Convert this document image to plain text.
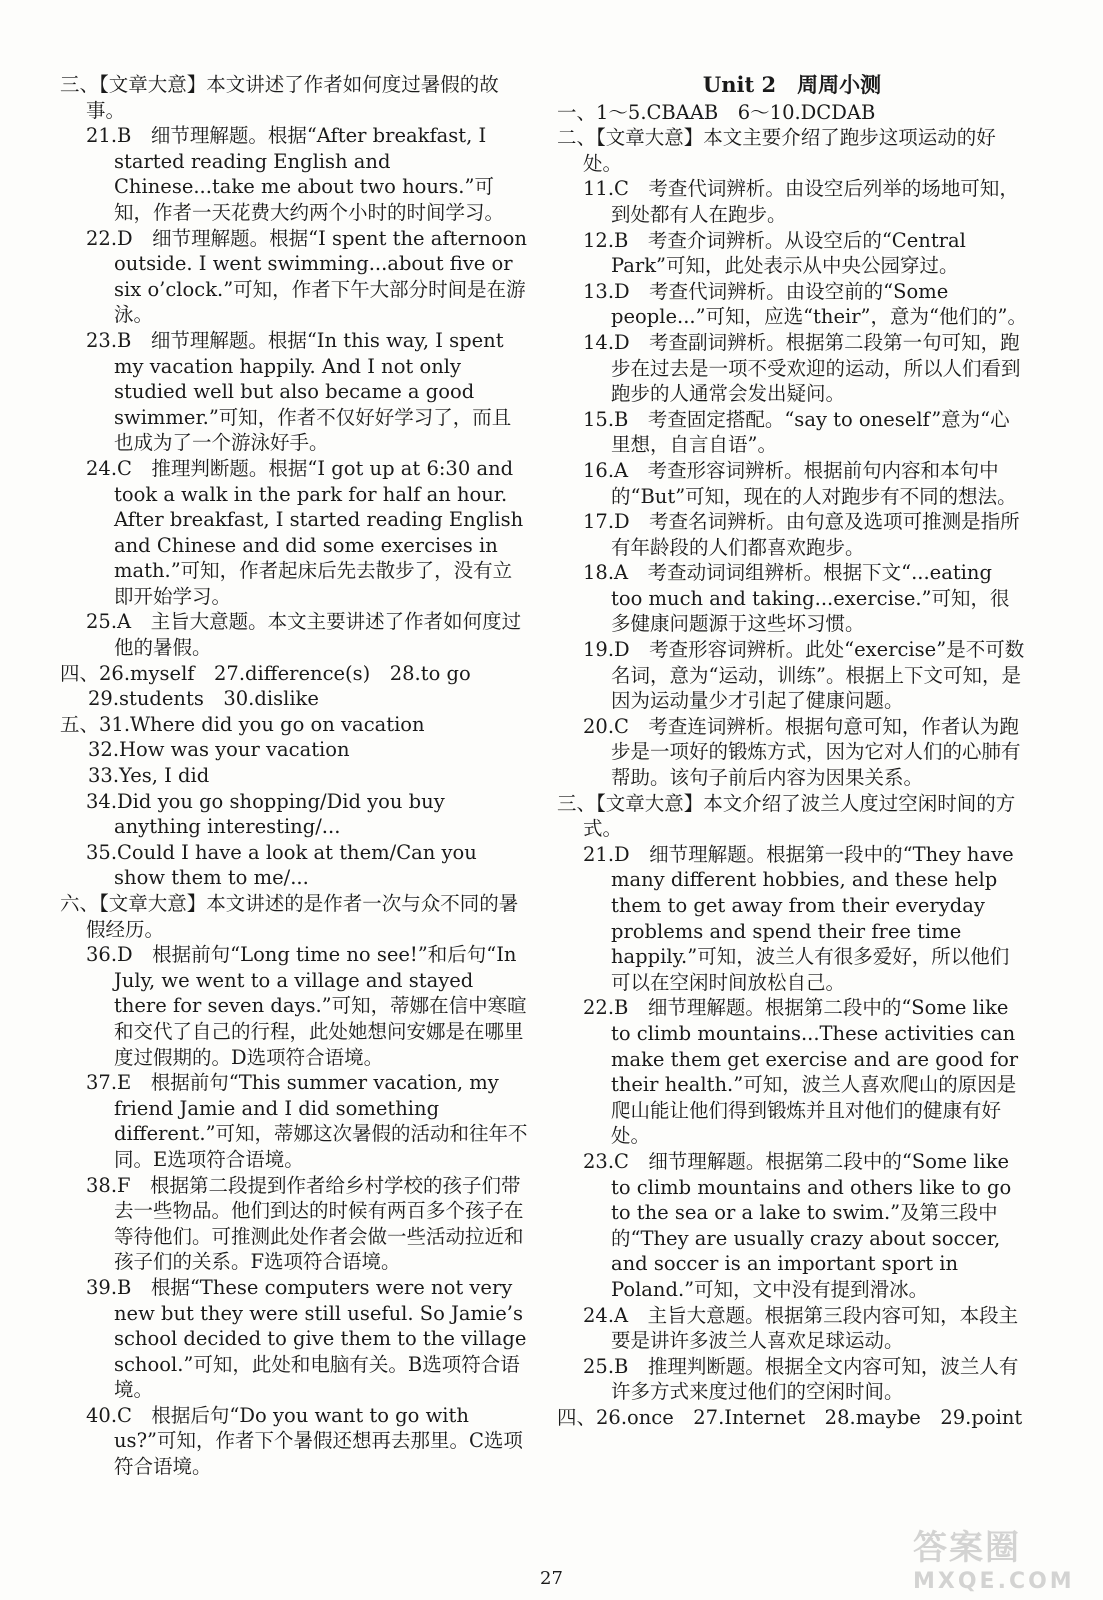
三、【文章大意】本文讲述了作者如何度过暑假的故事。

21.B　细节理解题。根据“After breakfast, I started reading English and Chinese...take me about two hours.”可知，作者一天花费大约两个小时的时间学习。

22.D　细节理解题。根据“I spent the afternoon outside. I went swimming...about five or six o’clock.”可知，作者下午大部分时间是在游泳。

23.B　细节理解题。根据“In this way, I spent my vacation happily. And I not only studied well but also became a good swimmer.”可知，作者不仅好好学习了，而且也成为了一个游泳好手。

24.C　推理判断题。根据“I got up at 6:30 and took a walk in the park for half an hour. After breakfast, I started reading English and Chinese and did some exercises in math.”可知，作者起床后先去散步了，没有立即开始学习。

25.A　主旨大意题。本文主要讲述了作者如何度过他的暑假。

四、26.myself　27.difference(s)　28.to go

29.students　30.dislike

五、31.Where did you go on vacation

32.How was your vacation

33.Yes, I did

34.Did you go shopping/Did you buy anything interesting/...

35.Could I have a look at them/Can you show them to me/...

六、【文章大意】本文讲述的是作者一次与众不同的暑假经历。

36.D　根据前句“Long time no see!”和后句“In July, we went to a village and stayed there for seven days.”可知，蒂娜在信中寒暄和交代了自己的行程，此处她想问安娜是在哪里度过假期的。D选项符合语境。

37.E　根据前句“This summer vacation, my friend Jamie and I did something different.”可知，蒂娜这次暑假的活动和往年不同。E选项符合语境。

38.F　根据第二段提到作者给乡村学校的孩子们带去一些物品。他们到达的时候有两百多个孩子在等待他们。可推测此处作者会做一些活动拉近和孩子们的关系。F选项符合语境。

39.B　根据“These computers were not very new but they were still useful. So Jamie’s school decided to give them to the village school.”可知，此处和电脑有关。B选项符合语境。

40.C　根据后句“Do you want to go with us?”可知，作者下个暑假还想再去那里。C选项符合语境。

Unit 2　周周小测

一、1～5.CBAAB　6～10.DCDAB

二、【文章大意】本文主要介绍了跑步这项运动的好处。

11.C　考查代词辨析。由设空后列举的场地可知，到处都有人在跑步。

12.B　考查介词辨析。从设空后的“Central Park”可知，此处表示从中央公园穿过。

13.D　考查代词辨析。由设空前的“Some people...”可知，应选“their”，意为“他们的”。

14.D　考查副词辨析。根据第二段第一句可知，跑步在过去是一项不受欢迎的运动，所以人们看到跑步的人通常会发出疑问。

15.B　考查固定搭配。“say to oneself”意为“心里想，自言自语”。

16.A　考查形容词辨析。根据前句内容和本句中的“But”可知，现在的人对跑步有不同的想法。

17.D　考查名词辨析。由句意及选项可推测是指所有年龄段的人们都喜欢跑步。

18.A　考查动词词组辨析。根据下文“...eating too much and taking...exercise.”可知，很多健康问题源于这些坏习惯。

19.D　考查形容词辨析。此处“exercise”是不可数名词，意为“运动，训练”。根据上下文可知，是因为运动量少才引起了健康问题。

20.C　考查连词辨析。根据句意可知，作者认为跑步是一项好的锻炼方式，因为它对人们的心肺有帮助。该句子前后内容为因果关系。

三、【文章大意】本文介绍了波兰人度过空闲时间的方式。

21.D　细节理解题。根据第一段中的“They have many different hobbies, and these help them to get away from their everyday problems and spend their free time happily.”可知，波兰人有很多爱好，所以他们可以在空闲时间放松自己。

22.B　细节理解题。根据第二段中的“Some like to climb mountains...These activities can make them get exercise and are good for their health.”可知，波兰人喜欢爬山的原因是爬山能让他们得到锻炼并且对他们的健康有好处。

23.C　细节理解题。根据第二段中的“Some like to climb mountains and others like to go to the sea or a lake to swim.”及第三段中的“They are usually crazy about soccer, and soccer is an important sport in Poland.”可知，文中没有提到滑冰。

24.A　主旨大意题。根据第三段内容可知，本段主要是讲许多波兰人喜欢足球运动。

25.B　推理判断题。根据全文内容可知，波兰人有许多方式来度过他们的空闲时间。

四、26.once　27.Internet　28.maybe　29.point

27
答案圈
MXQE.COM
